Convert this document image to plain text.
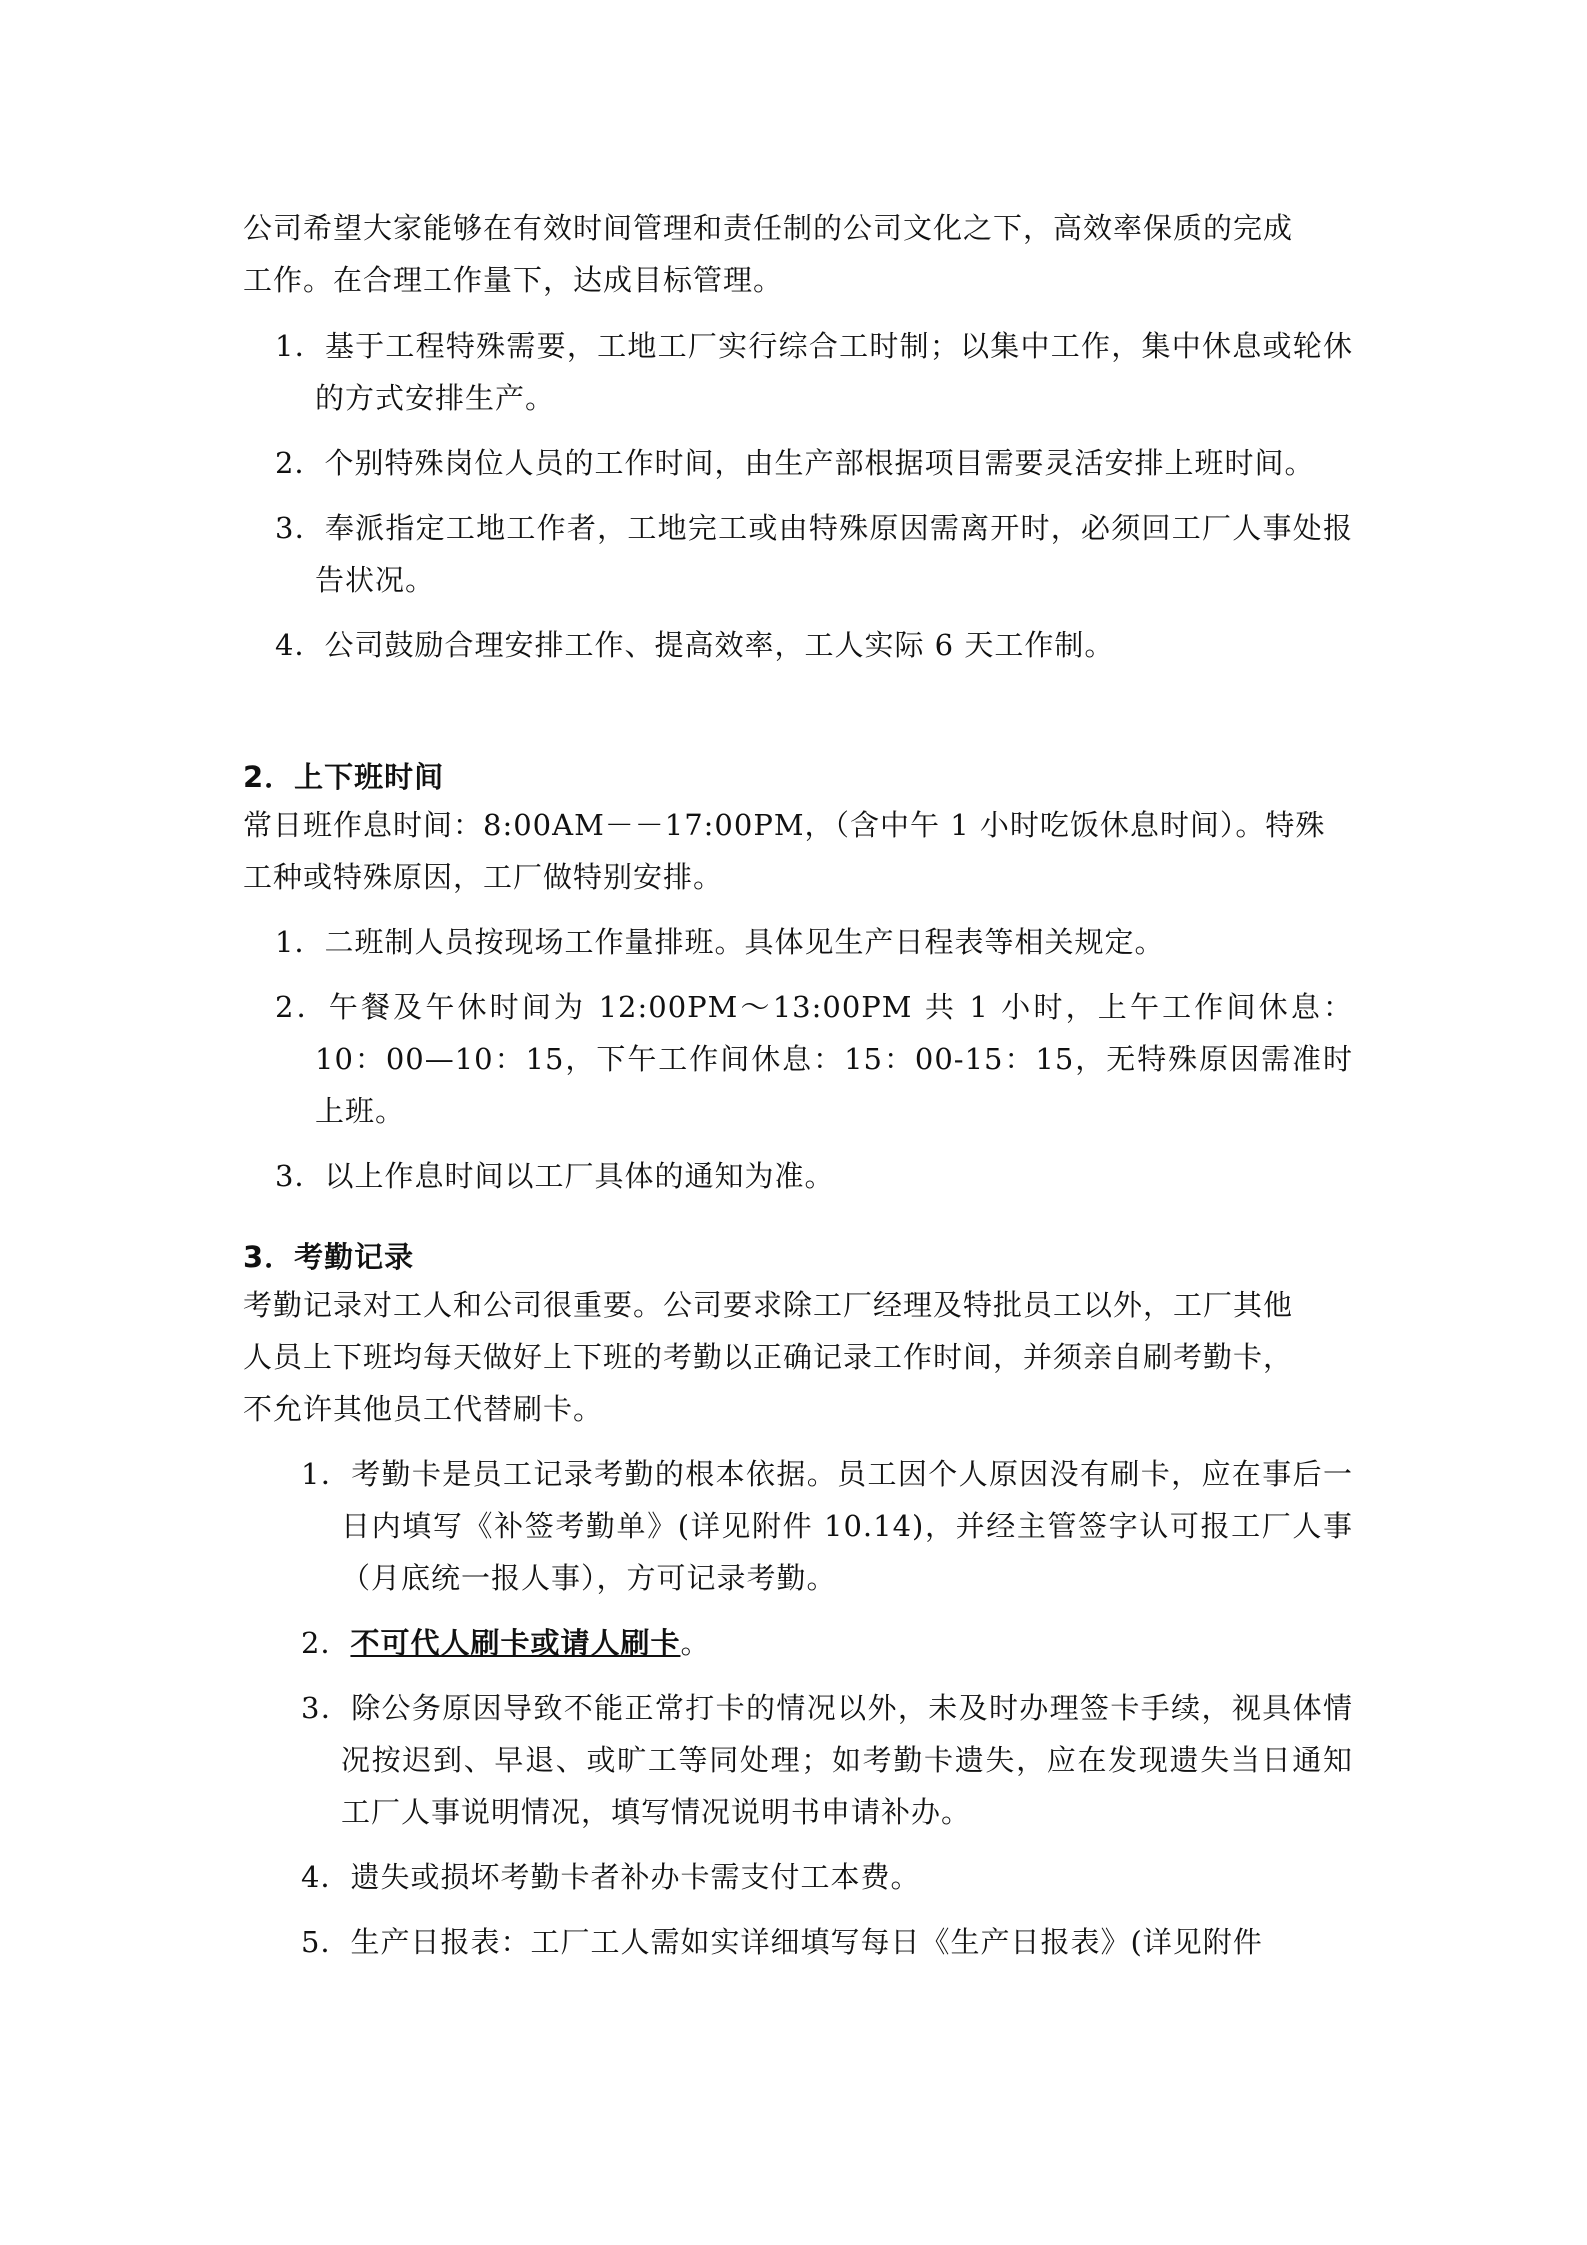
公司希望大家能够在有效时间管理和责任制的公司文化之下，高效率保质的完成

工作。在合理工作量下，达成目标管理。

1．基于工程特殊需要，工地工厂实行综合工时制；以集中工作，集中休息或轮休的方式安排生产。

2．个别特殊岗位人员的工作时间，由生产部根据项目需要灵活安排上班时间。

3．奉派指定工地工作者，工地完工或由特殊原因需离开时，必须回工厂人事处报告状况。

4．公司鼓励合理安排工作、提高效率，工人实际 6 天工作制。

2．上下班时间

常日班作息时间：8:00AM－－17:00PM，（含中午 1 小时吃饭休息时间）。特殊

工种或特殊原因，工厂做特别安排。

1．二班制人员按现场工作量排班。具体见生产日程表等相关规定。

2．午餐及午休时间为 12:00PM～13:00PM 共 1 小时，上午工作间休息：10：00—10：15，下午工作间休息：15：00-15：15，无特殊原因需准时上班。

3．以上作息时间以工厂具体的通知为准。

3．考勤记录

考勤记录对工人和公司很重要。公司要求除工厂经理及特批员工以外，工厂其他

人员上下班均每天做好上下班的考勤以正确记录工作时间，并须亲自刷考勤卡，

不允许其他员工代替刷卡。

1．考勤卡是员工记录考勤的根本依据。员工因个人原因没有刷卡，应在事后一日内填写《补签考勤单》(详见附件 10.14)，并经主管签字认可报工厂人事（月底统一报人事），方可记录考勤。

2．不可代人刷卡或请人刷卡。

3．除公务原因导致不能正常打卡的情况以外，未及时办理签卡手续，视具体情况按迟到、早退、或旷工等同处理；如考勤卡遗失，应在发现遗失当日通知工厂人事说明情况，填写情况说明书申请补办。

4．遗失或损坏考勤卡者补办卡需支付工本费。

5．生产日报表：工厂工人需如实详细填写每日《生产日报表》(详见附件
